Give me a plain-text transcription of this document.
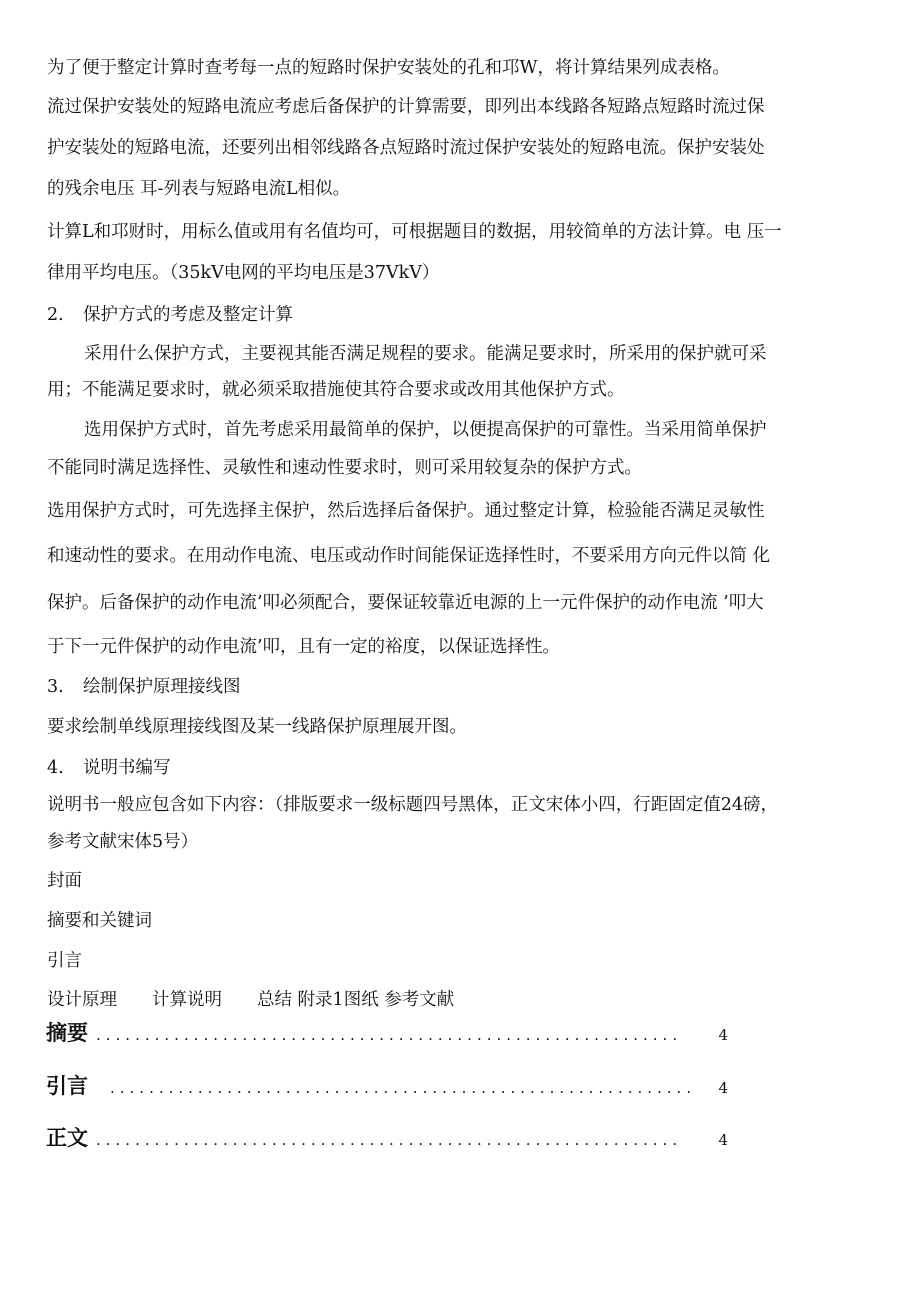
为了便于整定计算时查考每一点的短路时保护安装处的孔和邛W，将计算结果列成表格。
流过保护安装处的短路电流应考虑后备保护的计算需要，即列出本线路各短路点短路时流过保
护安装处的短路电流，还要列出相邻线路各点短路时流过保护安装处的短路电流。保护安装处
的残余电压 耳-列表与短路电流L相似。
计算L和邛财时，用标么值或用有名值均可，可根据题目的数据，用较简单的方法计算。电 压一
律用平均电压。（35kV电网的平均电压是37VkV）
2. 保护方式的考虑及整定计算
采用什么保护方式，主要视其能否满足规程的要求。能满足要求时，所采用的保护就可采
用；不能满足要求时，就必须采取措施使其符合要求或改用其他保护方式。
选用保护方式时，首先考虑采用最简单的保护，以便提高保护的可靠性。当采用简单保护
不能同时满足选择性、灵敏性和速动性要求时，则可采用较复杂的保护方式。
选用保护方式时，可先选择主保护，然后选择后备保护。通过整定计算，检验能否满足灵敏性
和速动性的要求。在用动作电流、电压或动作时间能保证选择性时，不要采用方向元件以简 化
保护。后备保护的动作电流’叩必须配合，要保证较靠近电源的上一元件保护的动作电流 ’叩大
于下一元件保护的动作电流’叩，且有一定的裕度，以保证选择性。
3. 绘制保护原理接线图
要求绘制单线原理接线图及某一线路保护原理展开图。
4. 说明书编写
说明书一般应包含如下内容：（排版要求一级标题四号黑体，正文宋体小四，行距固定值24磅，
参考文献宋体5号）
封面
摘要和关键词
引言
设计原理　　计算说明　　总结 附录1图纸 参考文献
摘要 ............................................................	4
引言	............................................................	4
正文 ............................................................	4
